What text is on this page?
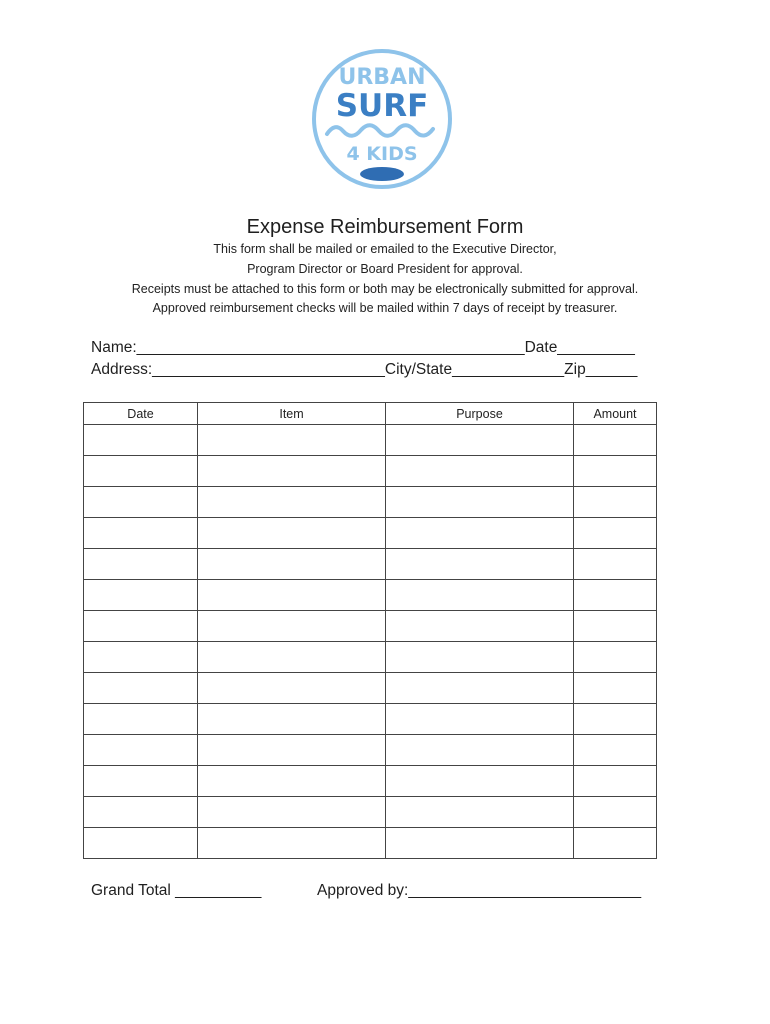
URBAN
SURF
4 KIDS
Expense Reimbursement Form
This form shall be mailed or emailed to the Executive Director,
Program Director or Board President for approval.
Receipts must be attached to this form or both may be electronically submitted for approval.
Approved reimbursement checks will be mailed within 7 days of receipt by treasurer.
Name:_____________________________________________Date_________
Address:___________________________City/State_____________Zip______
Date	Item	Purpose	Amount

Grand Total __________	Approved by:___________________________
